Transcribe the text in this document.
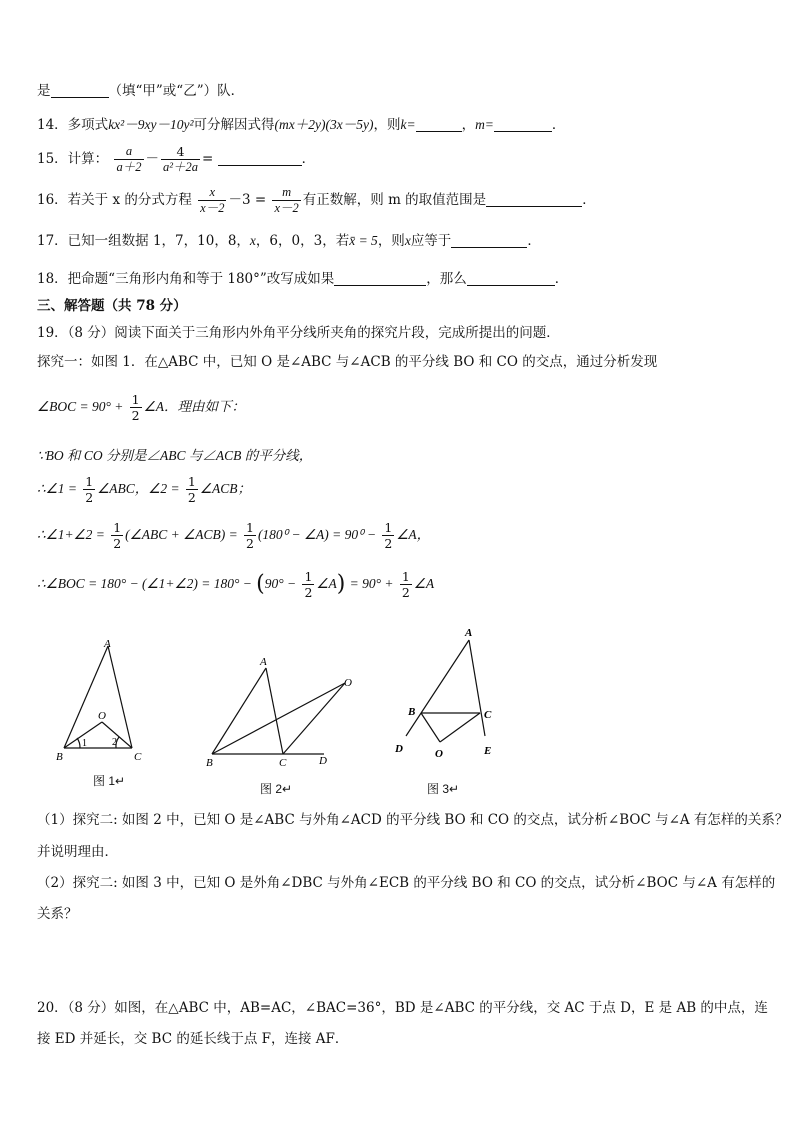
是	（填“甲”或“乙”）队．
14．多项式kx²－9xy－10y²可分解因式得(mx＋2y)(3x－5y)，则k=	，m=	．
15．计算： $\frac{a}{a+2} - \frac{4}{\text{a²＋2a}}$ =	．
16．若关于 x 的分式方程 $\frac{x}{x-2} -3 = \frac{m}{x-2}$ 有正数解，则 m 的取值范围是	．
17．已知一组数据 1，7，10，8，x，6，0，3，若x̄ = 5，则x应等于	．
18．把命题“三角形内角和等于 180°”改写成如果	，那么	．
三、解答题（共 78 分）
19．（8 分）阅读下面关于三角形内外角平分线所夹角的探究片段，完成所提出的问题．
探究一：如图 1．在△ABC 中，已知 O 是∠ABC 与∠ACB 的平分线 BO 和 CO 的交点，通过分析发现
∠BOC = $90^\circ + \frac{1}{2}$ ∠A．理由如下：
∵BO 和 CO 分别是∠ABC 与∠ACB 的平分线，
∴∠1 = $\frac{1}{2}$ ∠ABC，∠2 = $\frac{1}{2}$ ∠ACB；
∴∠1+∠2 = $\frac{1}{2}$ (∠ABC + ∠ACB) = $\frac{1}{2} (180^0$ − ∠A) = $90^0 - \frac{1}{2}$ ∠A，
∴∠BOC = 180° − (∠1+∠2) = $180^\circ - (90^\circ - \frac{1}{2}$ ∠A) = $90^\circ + \frac{1}{2}$ ∠A
A
B	C
O
1	2
图 1↵
A
B	C	D
O
图 2↵
A
B	C
D	E
O
图 3↵
（1）探究二: 如图 2 中，已知 O 是∠ABC 与外角∠ACD 的平分线 BO 和 CO 的交点，试分析∠BOC 与∠A 有怎样的关系？
并说明理由．
（2）探究二: 如图 3 中，已知 O 是外角∠DBC 与外角∠ECB 的平分线 BO 和 CO 的交点，试分析∠BOC 与∠A 有怎样的
关系？
20．（8 分）如图，在△ABC 中，AB=AC，∠BAC=36°，BD 是∠ABC 的平分线，交 AC 于点 D，E 是 AB 的中点，连
接 ED 并延长，交 BC 的延长线于点 F，连接 AF．
